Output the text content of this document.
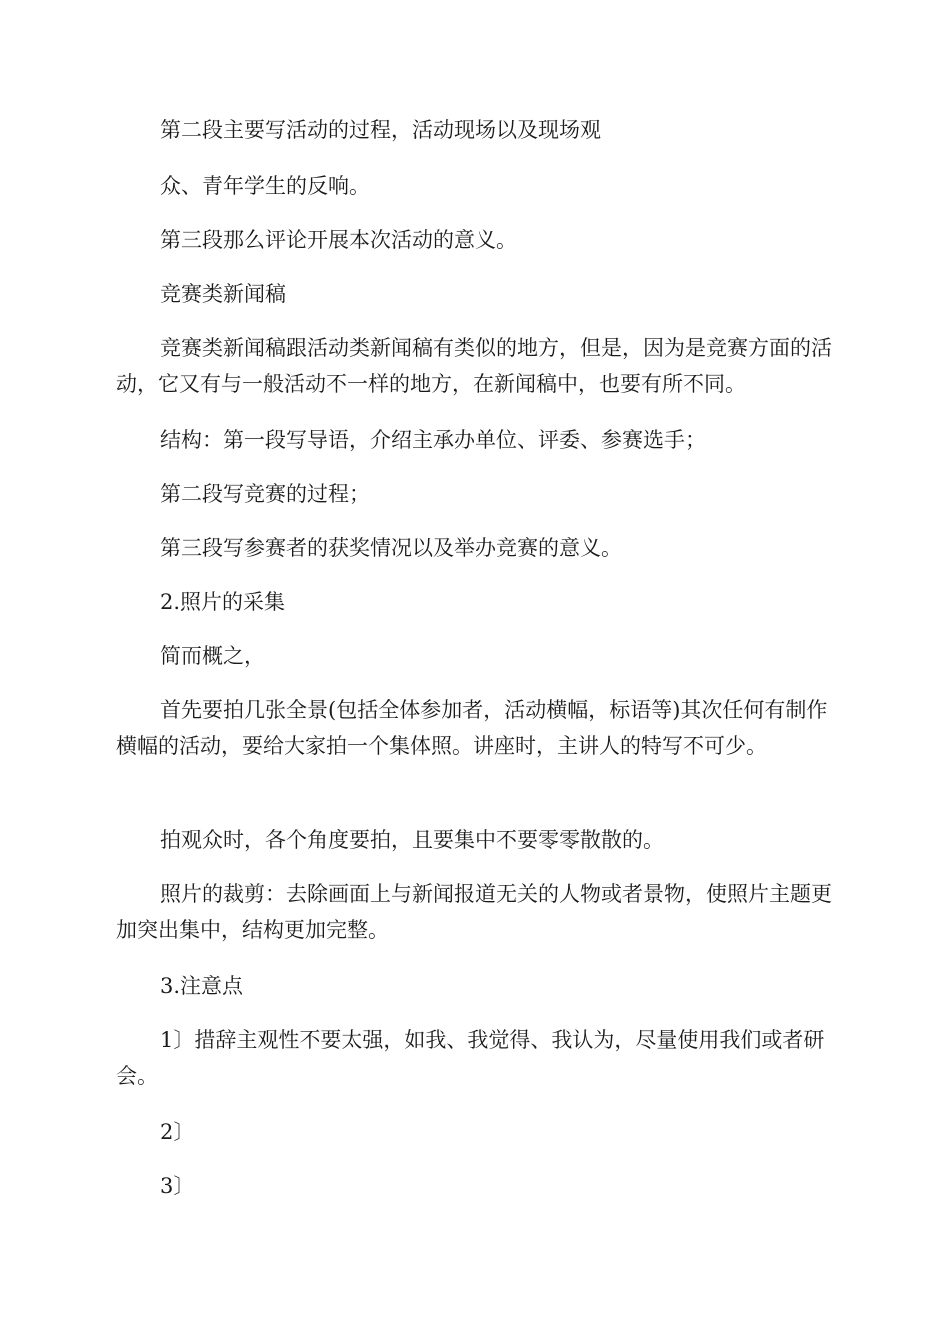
第二段主要写活动的过程，活动现场以及现场观

众、青年学生的反响。

第三段那么评论开展本次活动的意义。

竞赛类新闻稿

竞赛类新闻稿跟活动类新闻稿有类似的地方，但是，因为是竞赛方面的活动，它又有与一般活动不一样的地方，在新闻稿中，也要有所不同。

结构：第一段写导语，介绍主承办单位、评委、参赛选手；

第二段写竞赛的过程；

第三段写参赛者的获奖情况以及举办竞赛的意义。

2.照片的采集

简而概之，

首先要拍几张全景(包括全体参加者，活动横幅，标语等)其次任何有制作横幅的活动，要给大家拍一个集体照。讲座时，主讲人的特写不可少。

拍观众时，各个角度要拍，且要集中不要零零散散的。

照片的裁剪：去除画面上与新闻报道无关的人物或者景物，使照片主题更加突出集中，结构更加完整。

3.注意点

1〕措辞主观性不要太强，如我、我觉得、我认为，尽量使用我们或者研会。

2〕

3〕
